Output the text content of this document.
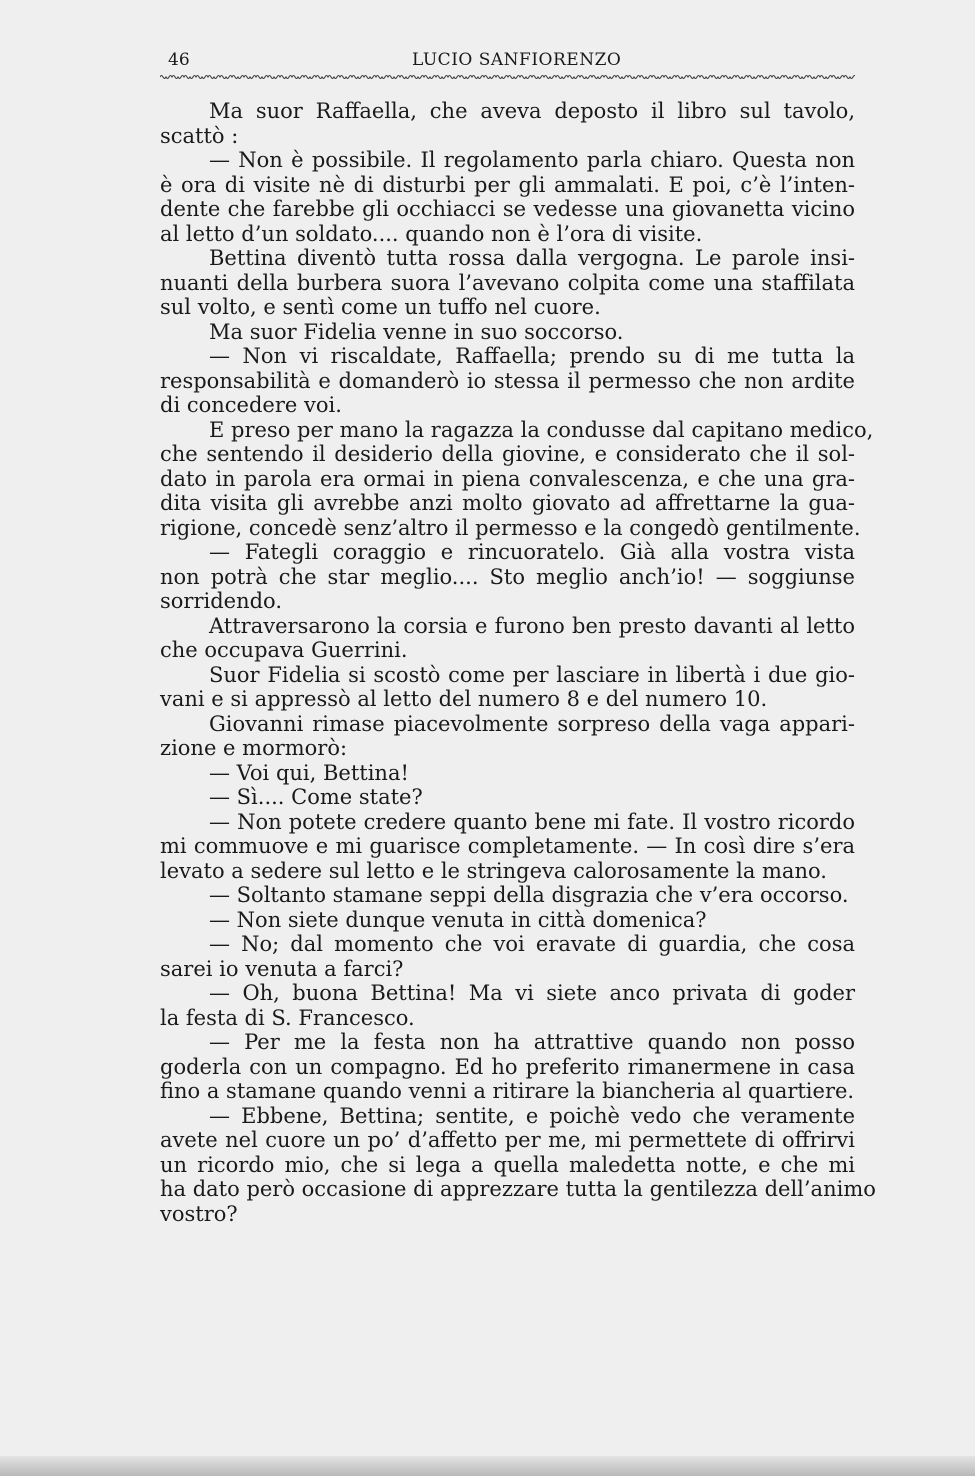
46	LUCIO SANFIORENZO
Ma suor Raffaella, che aveva deposto il libro sul tavolo,
scattò :
— Non è possibile. Il regolamento parla chiaro. Questa non
è ora di visite nè di disturbi per gli ammalati. E poi, c’è l’inten-
dente che farebbe gli occhiacci se vedesse una giovanetta vicino
al letto d’un soldato.... quando non è l’ora di visite.
Bettina diventò tutta rossa dalla vergogna. Le parole insi-
nuanti della burbera suora l’avevano colpita come una staffilata
sul volto, e sentì come un tuffo nel cuore.
Ma suor Fidelia venne in suo soccorso.
— Non vi riscaldate, Raffaella; prendo su di me tutta la
responsabilità e domanderò io stessa il permesso che non ardite
di concedere voi.
E preso per mano la ragazza la condusse dal capitano medico,
che sentendo il desiderio della giovine, e considerato che il sol-
dato in parola era ormai in piena convalescenza, e che una gra-
dita visita gli avrebbe anzi molto giovato ad affrettarne la gua-
rigione, concedè senz’altro il permesso e la congedò gentilmente.
— Fategli coraggio e rincuoratelo. Già alla vostra vista
non potrà che star meglio.... Sto meglio anch’io! — soggiunse
sorridendo.
Attraversarono la corsia e furono ben presto davanti al letto
che occupava Guerrini.
Suor Fidelia si scostò come per lasciare in libertà i due gio-
vani e si appressò al letto del numero 8 e del numero 10.
Giovanni rimase piacevolmente sorpreso della vaga appari-
zione e mormorò:
— Voi qui, Bettina!
— Sì.... Come state?
— Non potete credere quanto bene mi fate. Il vostro ricordo
mi commuove e mi guarisce completamente. — In così dire s’era
levato a sedere sul letto e le stringeva calorosamente la mano.
— Soltanto stamane seppi della disgrazia che v’era occorso.
— Non siete dunque venuta in città domenica?
— No; dal momento che voi eravate di guardia, che cosa
sarei io venuta a farci?
— Oh, buona Bettina! Ma vi siete anco privata di goder
la festa di S. Francesco.
— Per me la festa non ha attrattive quando non posso
goderla con un compagno. Ed ho preferito rimanermene in casa
fino a stamane quando venni a ritirare la biancheria al quartiere.
— Ebbene, Bettina; sentite, e poichè vedo che veramente
avete nel cuore un po’ d’affetto per me, mi permettete di offrirvi
un ricordo mio, che si lega a quella maledetta notte, e che mi
ha dato però occasione di apprezzare tutta la gentilezza dell’animo
vostro?
